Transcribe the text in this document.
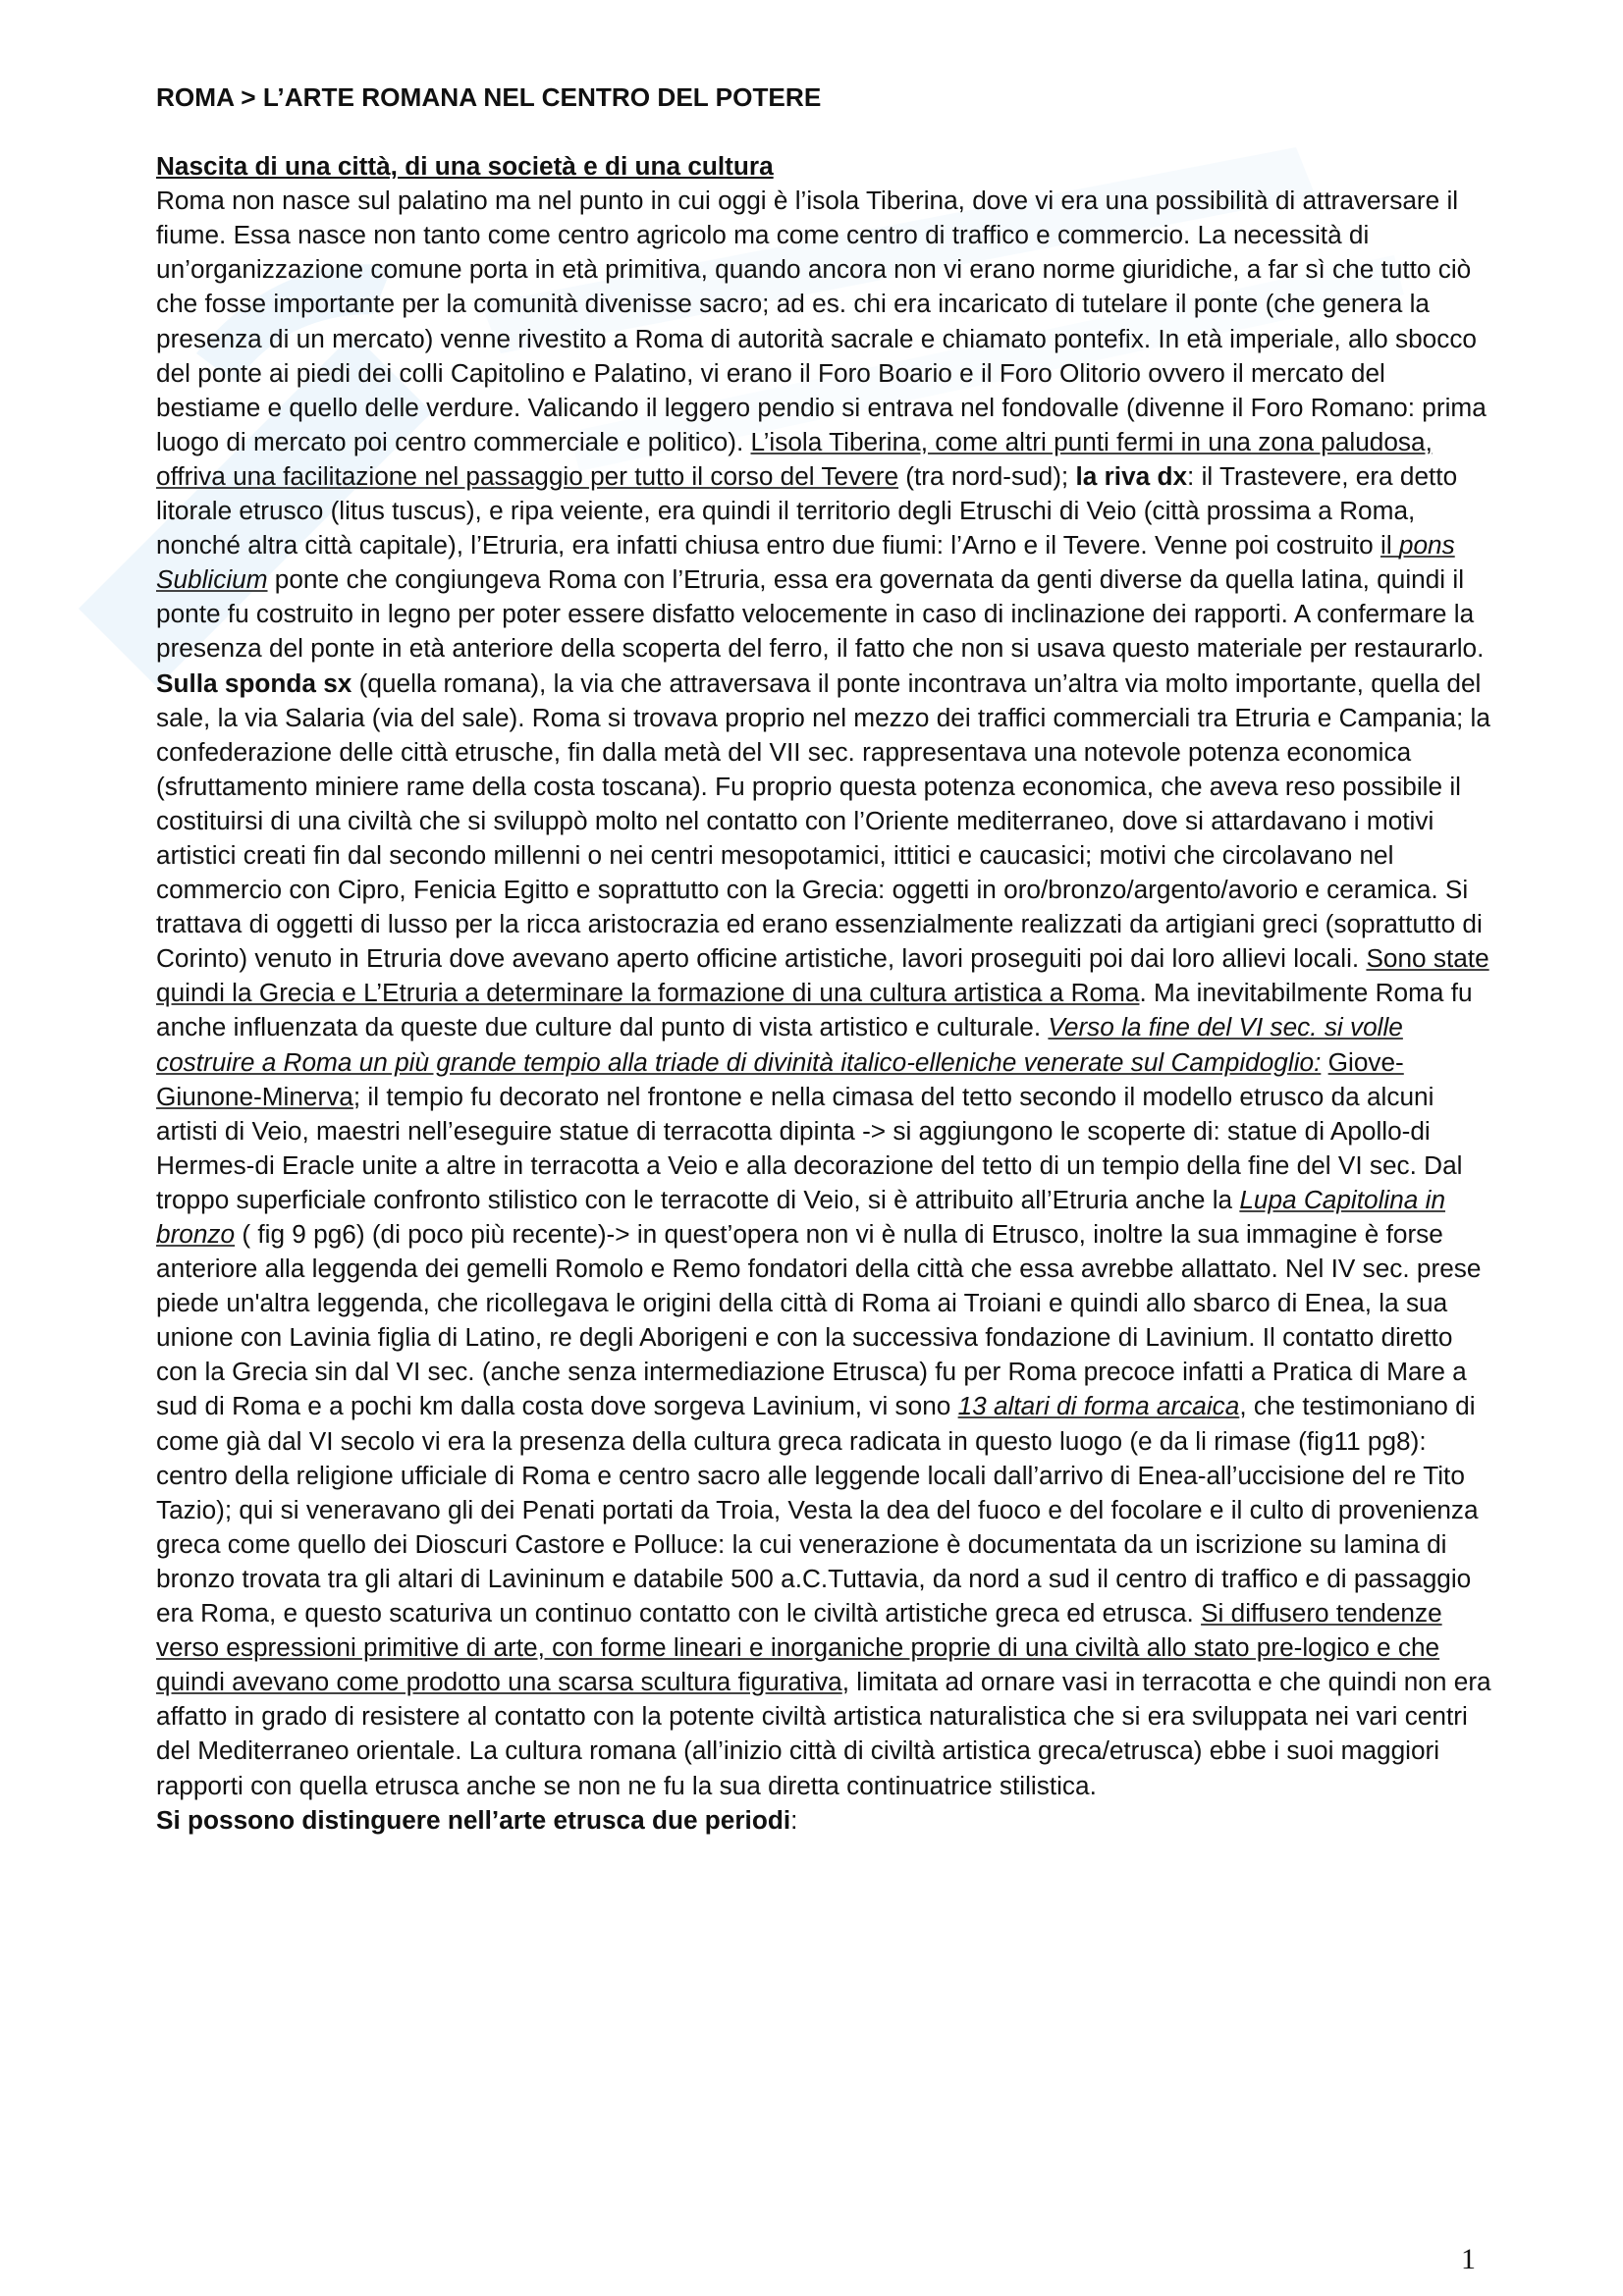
ROMA > L’ARTE ROMANA NEL CENTRO DEL POTERE

Nascita di una città, di una società e di una cultura

Roma non nasce sul palatino ma nel punto in cui oggi è l’isola Tiberina, dove vi era una possibilità di attraversare il fiume. Essa nasce non tanto come centro agricolo ma come centro di traffico e commercio. La necessità di un’organizzazione comune porta in età primitiva, quando ancora non vi erano norme giuridiche, a far sì che tutto ciò che fosse importante per la comunità divenisse sacro; ad es. chi era incaricato di tutelare il ponte (che genera la presenza di un mercato) venne rivestito a Roma di autorità sacrale e chiamato pontefix. In età imperiale, allo sbocco del ponte ai piedi dei colli Capitolino e Palatino, vi erano il Foro Boario e il Foro Olitorio ovvero il mercato del bestiame e quello delle verdure. Valicando il leggero pendio si entrava nel fondovalle (divenne il Foro Romano: prima luogo di mercato poi centro commerciale e politico). L’isola Tiberina, come altri punti fermi in una zona paludosa, offriva una facilitazione nel passaggio per tutto il corso del Tevere (tra nord-sud); la riva dx: il Trastevere, era detto litorale etrusco (litus tuscus), e ripa veiente, era quindi il territorio degli Etruschi di Veio (città prossima a Roma, nonché altra città capitale), l’Etruria, era infatti chiusa entro due fiumi: l’Arno e il Tevere. Venne poi costruito il pons Sublicium ponte che congiungeva Roma con l’Etruria, essa era governata da genti diverse da quella latina, quindi il ponte fu costruito in legno per poter essere disfatto velocemente in caso di inclinazione dei rapporti. A confermare la presenza del ponte in età anteriore della scoperta del ferro, il fatto che non si usava questo materiale per restaurarlo. Sulla sponda sx (quella romana), la via che attraversava il ponte incontrava un’altra via molto importante, quella del sale, la via Salaria (via del sale). Roma si trovava proprio nel mezzo dei traffici commerciali tra Etruria e Campania; la confederazione delle città etrusche, fin dalla metà del VII sec. rappresentava una notevole potenza economica (sfruttamento miniere rame della costa toscana). Fu proprio questa potenza economica, che aveva reso possibile il costituirsi di una civiltà che si sviluppò molto nel contatto con l’Oriente mediterraneo, dove si attardavano i motivi artistici creati fin dal secondo millenni o nei centri mesopotamici, ittitici e caucasici; motivi che circolavano nel commercio con Cipro, Fenicia Egitto e soprattutto con la Grecia: oggetti in oro/bronzo/argento/avorio e ceramica. Si trattava di oggetti di lusso per la ricca aristocrazia ed erano essenzialmente realizzati da artigiani greci (soprattutto di Corinto) venuto in Etruria dove avevano aperto officine artistiche, lavori proseguiti poi dai loro allievi locali. Sono state quindi la Grecia e L’Etruria a determinare la formazione di una cultura artistica a Roma. Ma inevitabilmente Roma fu anche influenzata da queste due culture dal punto di vista artistico e culturale. Verso la fine del VI sec. si volle costruire a Roma un più grande tempio alla triade di divinità italico-elleniche venerate sul Campidoglio: Giove-Giunone-Minerva; il tempio fu decorato nel frontone e nella cimasa del tetto secondo il modello etrusco da alcuni artisti di Veio, maestri nell’eseguire statue di terracotta dipinta -> si aggiungono le scoperte di: statue di Apollo-di Hermes-di Eracle unite a altre in terracotta a Veio e alla decorazione del tetto di un tempio della fine del VI sec. Dal troppo superficiale confronto stilistico con le terracotte di Veio, si è attribuito all’Etruria anche la Lupa Capitolina in bronzo ( fig 9 pg6) (di poco più recente)-> in quest’opera non vi è nulla di Etrusco, inoltre la sua immagine è forse anteriore alla leggenda dei gemelli Romolo e Remo fondatori della città che essa avrebbe allattato. Nel IV sec. prese piede un'altra leggenda, che ricollegava le origini della città di Roma ai Troiani e quindi allo sbarco di Enea, la sua unione con Lavinia figlia di Latino, re degli Aborigeni e con la successiva fondazione di Lavinium. Il contatto diretto con la Grecia sin dal VI sec. (anche senza intermediazione Etrusca) fu per Roma precoce infatti a Pratica di Mare a sud di Roma e a pochi km dalla costa dove sorgeva Lavinium, vi sono 13 altari di forma arcaica, che testimoniano di come già dal VI secolo vi era la presenza della cultura greca radicata in questo luogo (e da li rimase (fig11 pg8): centro della religione ufficiale di Roma e centro sacro alle leggende locali dall’arrivo di Enea-all’uccisione del re Tito Tazio); qui si veneravano gli dei Penati portati da Troia, Vesta la dea del fuoco e del focolare e il culto di provenienza greca come quello dei Dioscuri Castore e Polluce: la cui venerazione è documentata da un iscrizione su lamina di bronzo trovata tra gli altari di Lavininum e databile 500 a.C.Tuttavia, da nord a sud il centro di traffico e di passaggio era Roma, e questo scaturiva un continuo contatto con le civiltà artistiche greca ed etrusca. Si diffusero tendenze verso espressioni primitive di arte, con forme lineari e inorganiche proprie di una civiltà allo stato pre-logico e che quindi avevano come prodotto una scarsa scultura figurativa, limitata ad ornare vasi in terracotta e che quindi non era affatto in grado di resistere al contatto con la potente civiltà artistica naturalistica che si era sviluppata nei vari centri del Mediterraneo orientale. La cultura romana (all’inizio città di civiltà artistica greca/etrusca) ebbe i suoi maggiori rapporti con quella etrusca anche se non ne fu la sua diretta continuatrice stilistica.

Si possono distinguere nell’arte etrusca due periodi:

1
